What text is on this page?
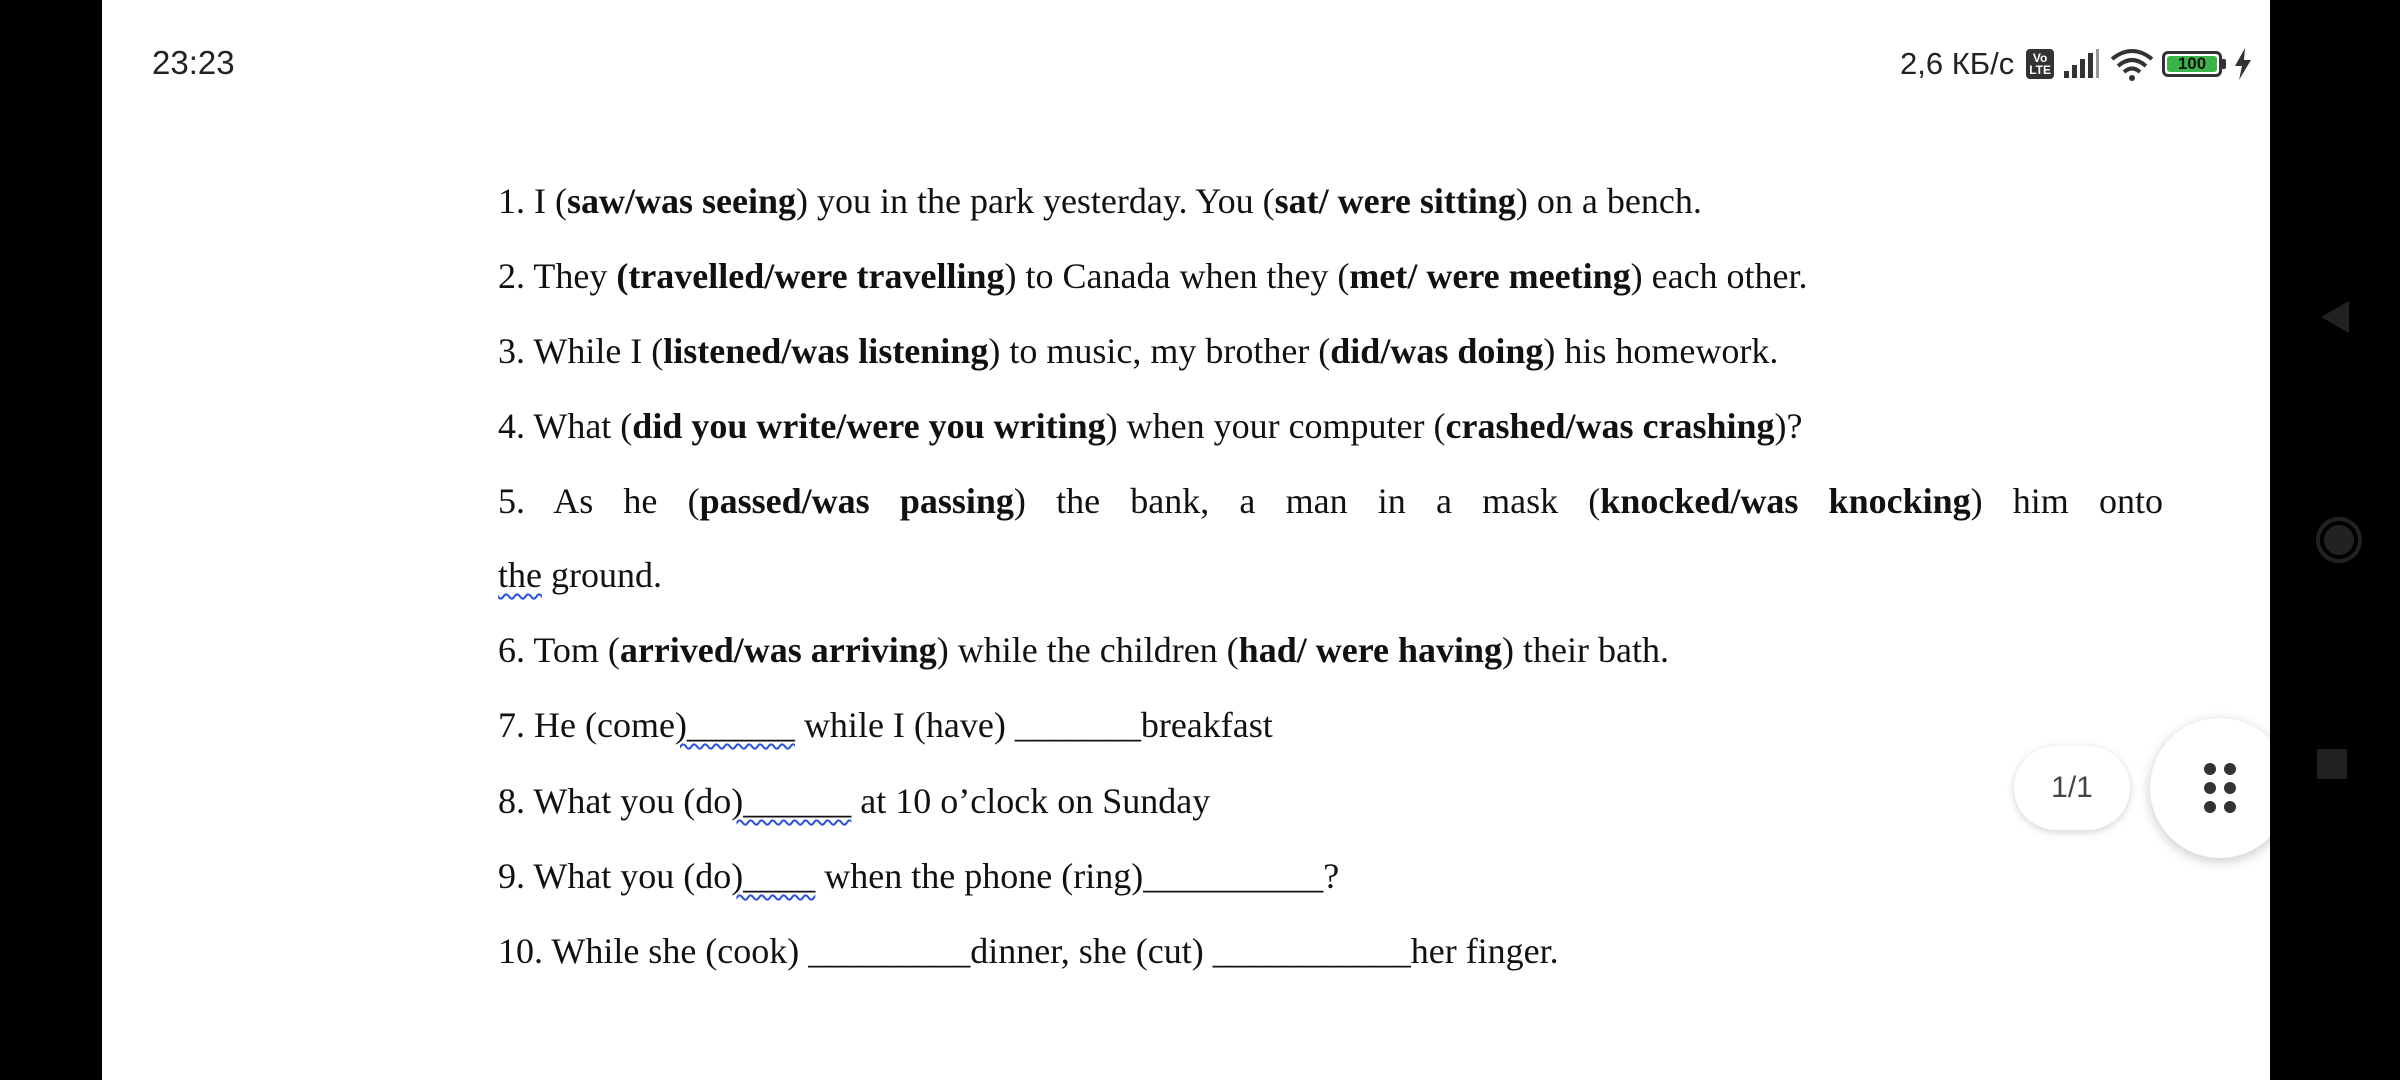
1. I (saw/was seeing) you in the park yesterday. You (sat/ were sitting) on a bench.
2. They (travelled/were travelling) to Canada when they (met/ were meeting) each other.
3. While I (listened/was listening) to music, my brother (did/was doing) his homework.
4. What (did you write/were you writing) when your computer (crashed/was crashing)?
5. As he (passed/was passing) the bank, a man in a mask (knocked/was knocking) him onto
the ground.
6. Tom (arrived/was arriving) while the children (had/ were having) their bath.
7. He (come)______ while I (have) _______breakfast
8. What you (do)______ at 10 o’clock on Sunday
9. What you (do)____ when the phone (ring)__________?
10. While she (cook) _________dinner, she (cut) ___________her finger.
1/1
23:23	2,6 КБ/с	Vo
LTE	100
